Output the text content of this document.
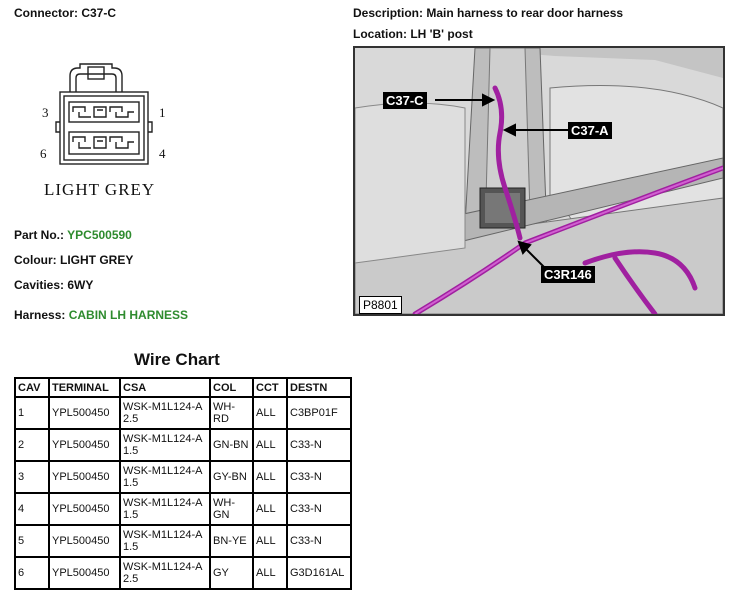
Connector: C37-C	Description: Main harness to rear door harness
Location: LH 'B' post
3	1
6	4
LIGHT GREY
Part No.: YPC500590
Colour: LIGHT GREY
Cavities: 6WY
Harness: CABIN LH HARNESS
C37-C
C37-A
C3R146
P8801
Wire Chart
CAV	TERMINAL	CSA	COL	CCT	DESTN
1	YPL500450	WSK-M1L124-A 2.5	WH-RD	ALL	C3BP01F
2	YPL500450	WSK-M1L124-A 1.5	GN-BN	ALL	C33-N
3	YPL500450	WSK-M1L124-A 1.5	GY-BN	ALL	C33-N
4	YPL500450	WSK-M1L124-A 1.5	WH-GN	ALL	C33-N
5	YPL500450	WSK-M1L124-A 1.5	BN-YE	ALL	C33-N
6	YPL500450	WSK-M1L124-A 2.5	GY	ALL	G3D161AL
